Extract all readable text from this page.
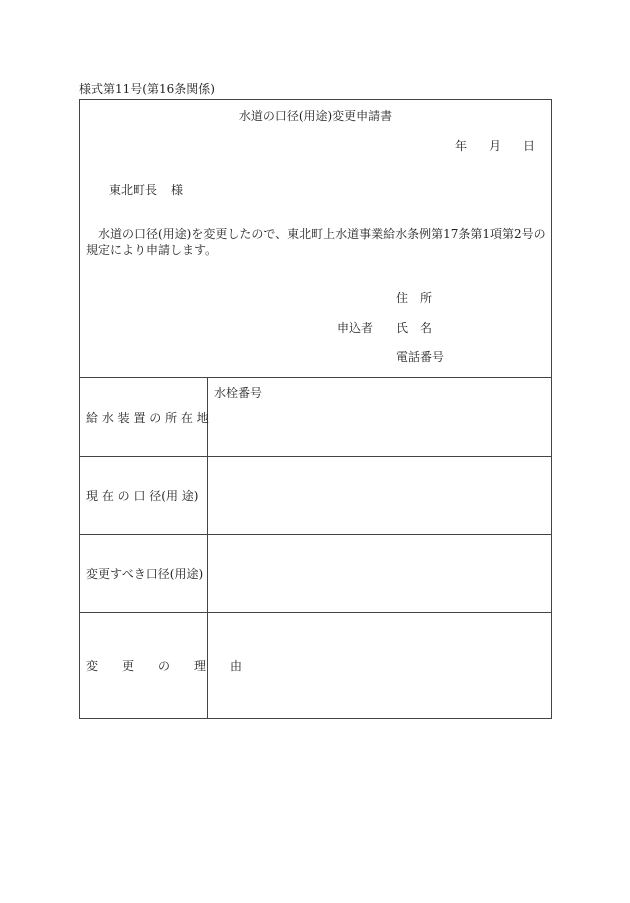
様式第11号(第16条関係)
水道の口径(用途)変更申請書
年 月 日
東北町長 様
水道の口径(用途)を変更したので、東北町上水道事業給水条例第17条第1項第2号の規定により申請します。
申込者
住 所
氏 名
電話番号
給 水 装 置 の 所 在 地
水栓番号
現 在 の 口 径(用 途)
変更すべき口径(用途)
変　　更　　の　　理　　由
